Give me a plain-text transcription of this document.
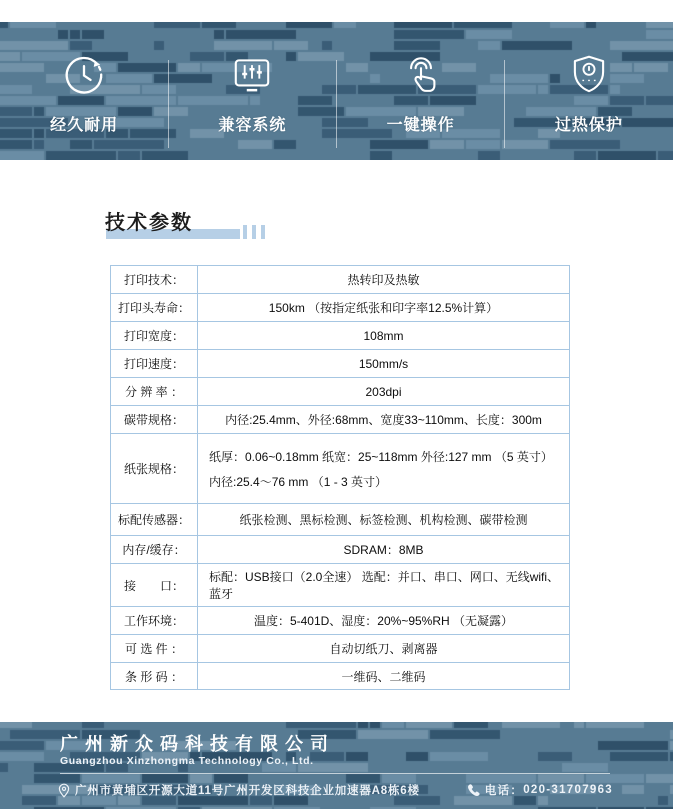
经久耐用	兼容系统	一键操作	过热保护
技术参数
打印技术：	热转印及热敏
打印头寿命：	150km （按指定纸张和印字率12.5%计算）
打印宽度：	108mm
打印速度：	150mm/s
分 辨 率 ：	203dpi
碳带规格：	内径:25.4mm、外径:68mm、宽度33~110mm、长度：300m
纸张规格：
纸厚：0.06~0.18mm 纸宽：25~118mm 外径:127 mm （5 英寸）
内径:25.4～76 mm （1 - 3 英寸）
标配传感器：	纸张检测、黑标检测、标签检测、机构检测、碳带检测
内存/缓存：	SDRAM：8MB
接　　口：
标配：USB接口（2.0全速） 选配：并口、串口、网口、无线wifi、蓝牙
工作环境：	温度：5-401D、湿度：20%~95%RH （无凝露）
可 选 件 ：	自动切纸刀、剥离器
条 形 码 ：	一维码、二维码
广州新众码科技有限公司
Guangzhou Xinzhongma Technology Co., Ltd.
广州市黄埔区开源大道11号广州开发区科技企业加速器A8栋6楼	电话： 020-31707963
